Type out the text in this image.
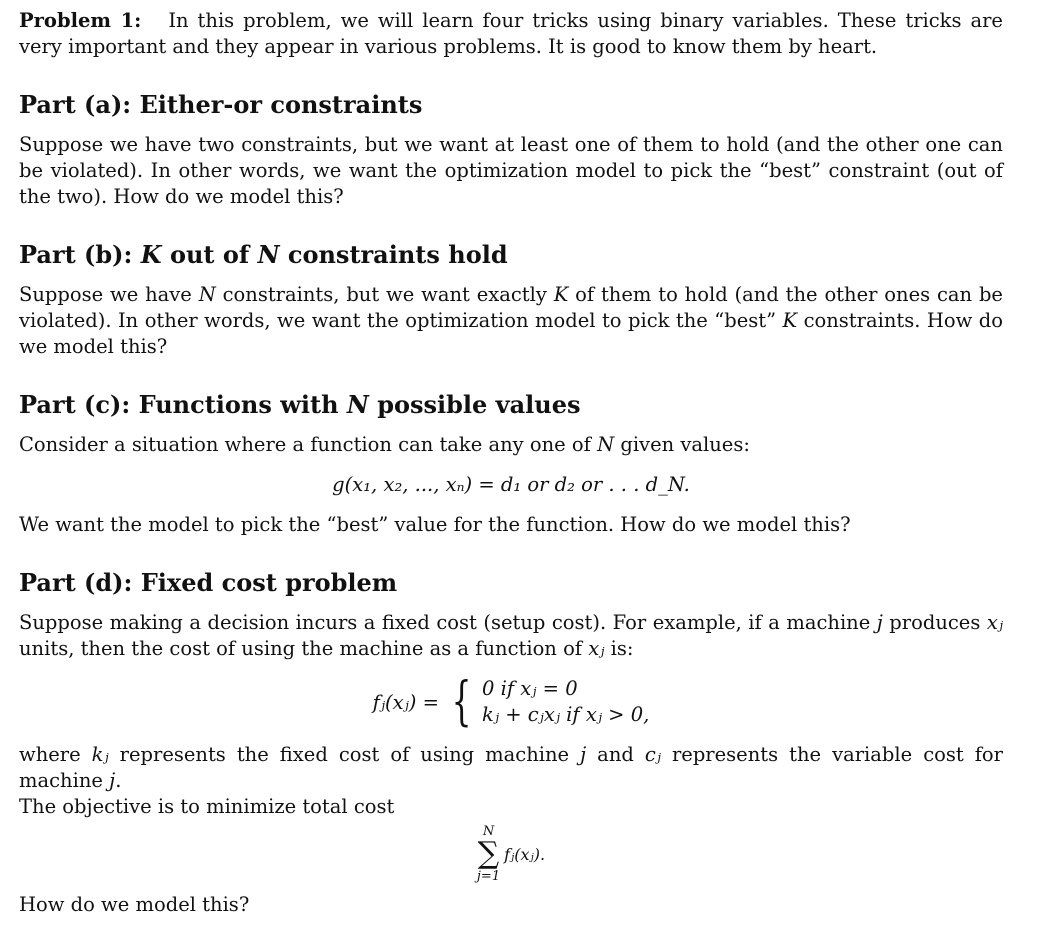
Problem 1: In this problem, we will learn four tricks using binary variables. These tricks are very important and they appear in various problems. It is good to know them by heart.

Part (a): Either-or constraints

Suppose we have two constraints, but we want at least one of them to hold (and the other one can be violated). In other words, we want the optimization model to pick the “best” constraint (out of the two). How do we model this?

Part (b): K out of N constraints hold

Suppose we have N constraints, but we want exactly K of them to hold (and the other ones can be violated). In other words, we want the optimization model to pick the “best” K constraints. How do we model this?

Part (c): Functions with N possible values

Consider a situation where a function can take any one of N given values:

g(x₁, x₂, ..., xₙ) = d₁ or d₂ or . . . d_N.

We want the model to pick the “best” value for the function. How do we model this?

Part (d): Fixed cost problem

Suppose making a decision incurs a fixed cost (setup cost). For example, if a machine j produces xⱼ units, then the cost of using the machine as a function of xⱼ is:

fⱼ(xⱼ) = { 0 if xⱼ = 0
kⱼ + cⱼxⱼ if xⱼ > 0,

where kⱼ represents the fixed cost of using machine j and cⱼ represents the variable cost for machine j.
The objective is to minimize total cost

N
∑
j=1
fⱼ(xⱼ).

How do we model this?
